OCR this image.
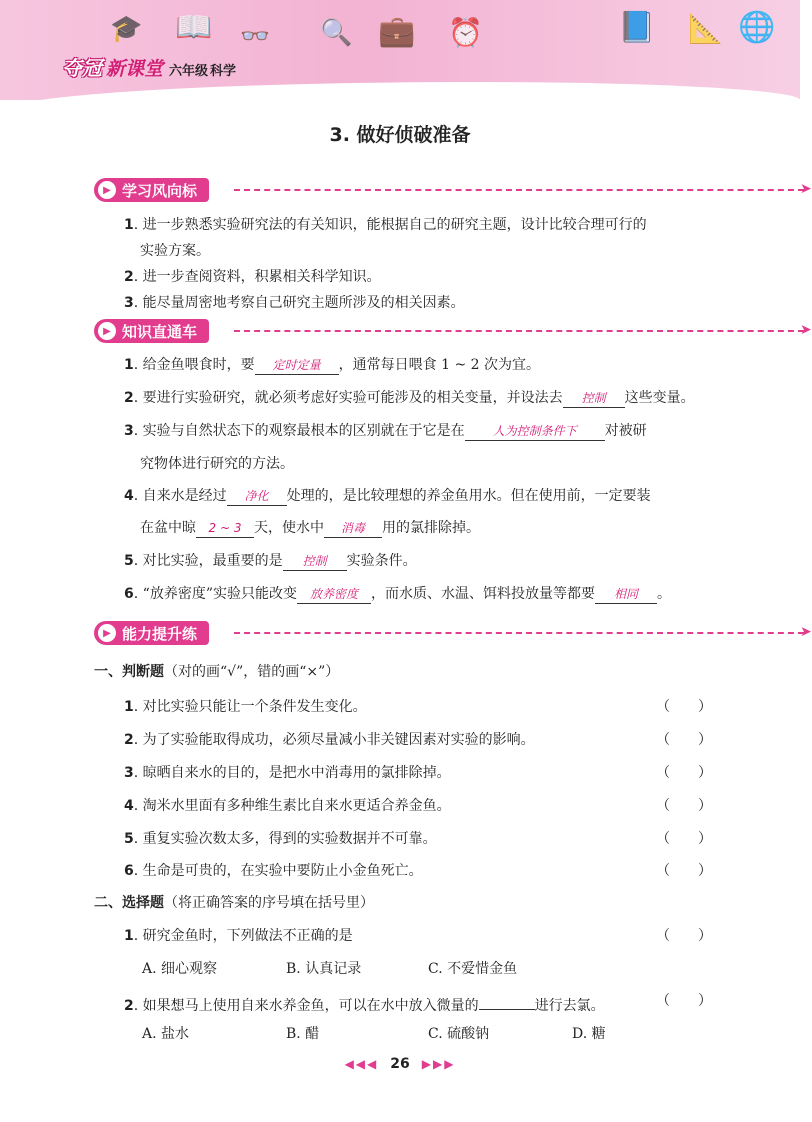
🎓 📖 👓 🔍 💼 ⏰	📘 📐 🌐
夺冠 新课堂 六年级 科学
3. 做好侦破准备
▶ 学习风向标	➤
1. 进一步熟悉实验研究法的有关知识，能根据自己的研究主题，设计比较合理可行的
实验方案。
2. 进一步查阅资料，积累相关科学知识。
3. 能尽量周密地考察自己研究主题所涉及的相关因素。
▶ 知识直通车	➤
1. 给金鱼喂食时，要 定时定量 ，通常每日喂食 1 ~ 2 次为宜。
2. 要进行实验研究，就必须考虑好实验可能涉及的相关变量，并设法去 控制 这些变量。
3. 实验与自然状态下的观察最根本的区别就在于它是在 人为控制条件下 对被研
究物体进行研究的方法。
4. 自来水是经过 净化 处理的，是比较理想的养金鱼用水。但在使用前，一定要装
在盆中晾 2 ~ 3 天，使水中 消毒 用的氯排除掉。
5. 对比实验，最重要的是 控制 实验条件。
6. “放养密度”实验只能改变 放养密度 ，而水质、水温、饵料投放量等都要 相同 。
▶ 能力提升练	➤
一、判断题（对的画“√”，错的画“×”）
1. 对比实验只能让一个条件发生变化。	（　　）
2. 为了实验能取得成功，必须尽量减小非关键因素对实验的影响。	（　　）
3. 晾晒自来水的目的，是把水中消毒用的氯排除掉。	（　　）
4. 淘米水里面有多种维生素比自来水更适合养金鱼。	（　　）
5. 重复实验次数太多，得到的实验数据并不可靠。	（　　）
6. 生命是可贵的，在实验中要防止小金鱼死亡。	（　　）
二、选择题（将正确答案的序号填在括号里）
1. 研究金鱼时，下列做法不正确的是	（　　）
A. 细心观察	B. 认真记录	C. 不爱惜金鱼
2. 如果想马上使用自来水养金鱼，可以在水中放入微量的	进行去氯。	（　　）
A. 盐水	B. 醋	C. 硫酸钠	D. 糖
◀◀◀ 26 ▶▶▶
